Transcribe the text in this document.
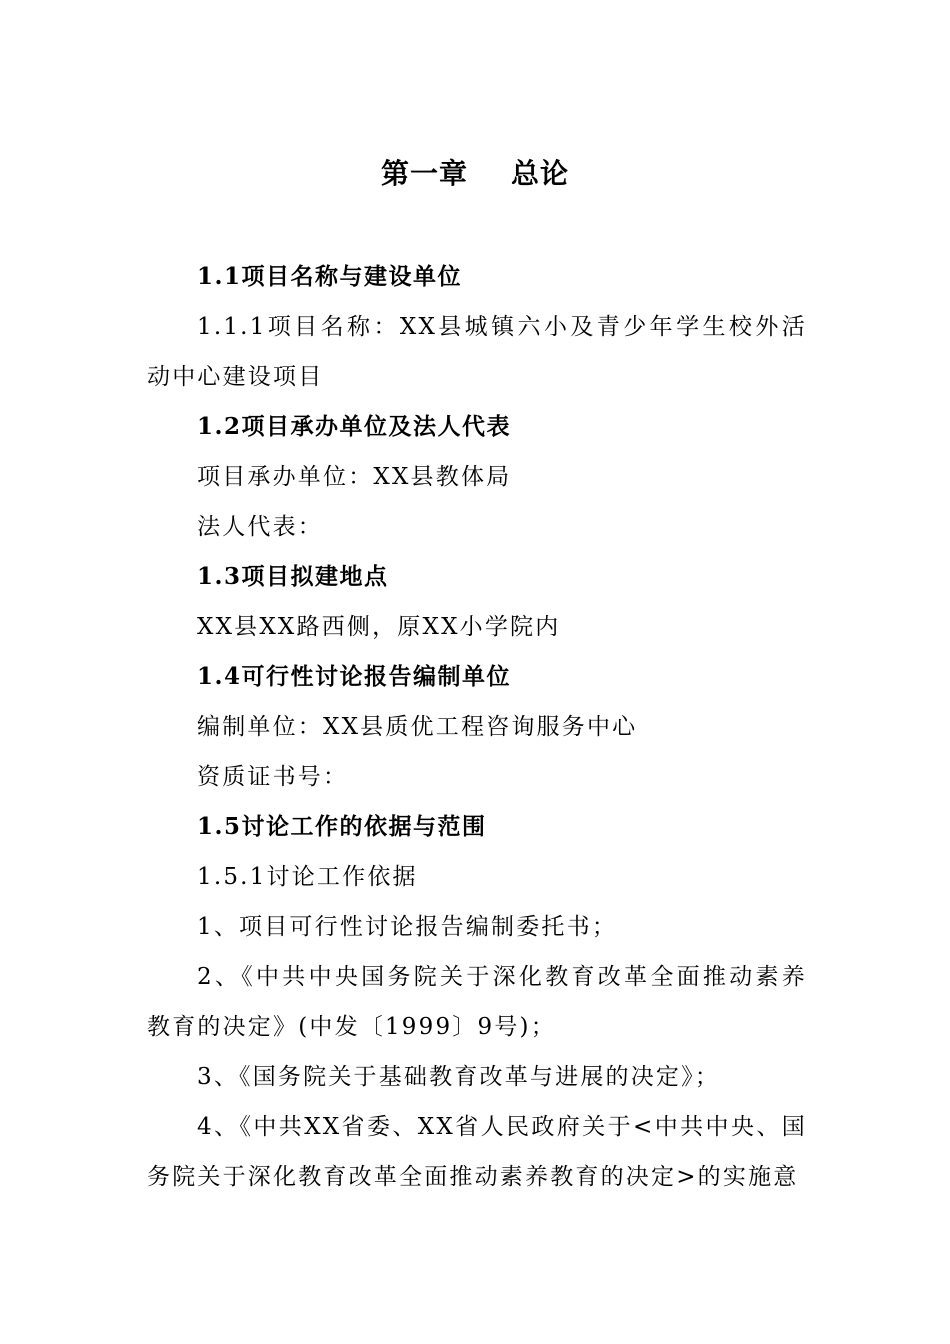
第一章    总论

1.1项目名称与建设单位

1.1.1项目名称：XX县城镇六小及青少年学生校外活动中心建设项目

1.2项目承办单位及法人代表

项目承办单位：XX县教体局

法人代表：

1.3项目拟建地点

XX县XX路西侧，原XX小学院内

1.4可行性讨论报告编制单位

编制单位：XX县质优工程咨询服务中心

资质证书号：

1.5讨论工作的依据与范围

1.5.1讨论工作依据

1、项目可行性讨论报告编制委托书；

2、《中共中央国务院关于深化教育改革全面推动素养教育的决定》(中发〔1999〕9号)；

3、《国务院关于基础教育改革与进展的决定》；

4、《中共XX省委、XX省人民政府关于<中共中央、国务院关于深化教育改革全面推动素养教育的决定>的实施意
